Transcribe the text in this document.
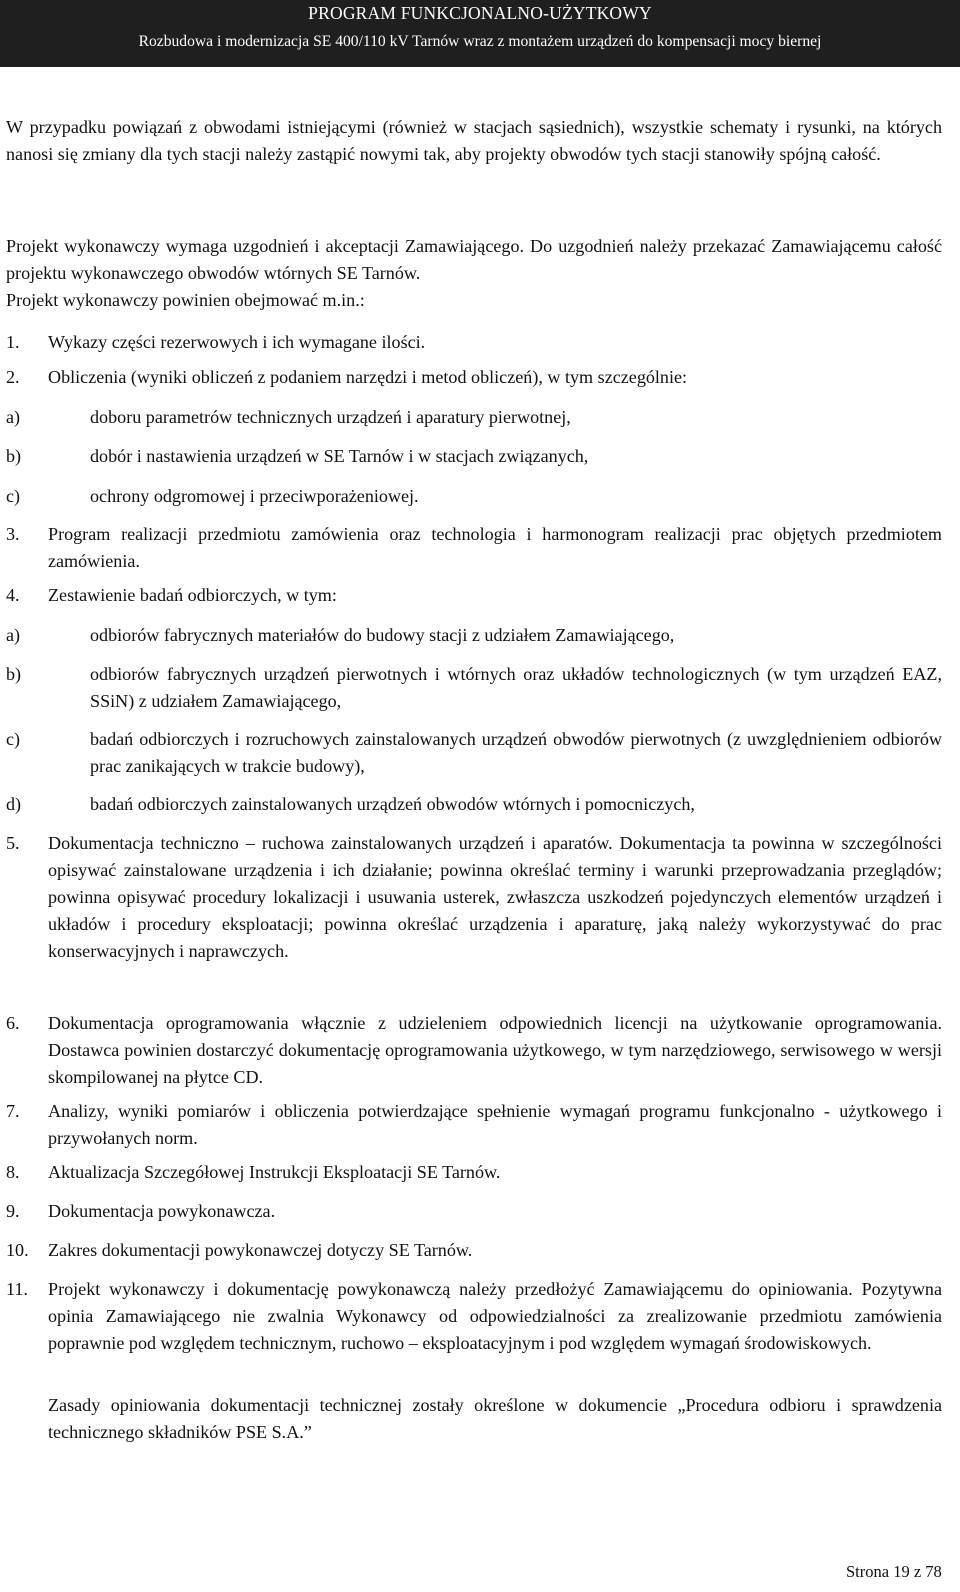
PROGRAM FUNKCJONALNO-UŻYTKOWY
Rozbudowa i modernizacja SE 400/110 kV Tarnów wraz z montażem urządzeń do kompensacji mocy biernej
W przypadku powiązań z obwodami istniejącymi (również w stacjach sąsiednich), wszystkie schematy i rysunki, na których nanosi się zmiany dla tych stacji należy zastąpić nowymi tak, aby projekty obwodów tych stacji stanowiły spójną całość.
Projekt wykonawczy wymaga uzgodnień i akceptacji Zamawiającego. Do uzgodnień należy przekazać Zamawiającemu całość projektu wykonawczego obwodów wtórnych SE Tarnów.
Projekt wykonawczy powinien obejmować m.in.:
1. Wykazy części rezerwowych i ich wymagane ilości.
2. Obliczenia (wyniki obliczeń z podaniem narzędzi i metod obliczeń), w tym szczególnie:
a)	doboru parametrów technicznych urządzeń i aparatury pierwotnej,
b)	dobór i nastawienia urządzeń w SE Tarnów i w stacjach związanych,
c)	ochrony odgromowej i przeciwporażeniowej.
3. Program realizacji przedmiotu zamówienia oraz technologia i harmonogram realizacji prac objętych przedmiotem zamówienia.
4. Zestawienie badań odbiorczych, w tym:
a)	odbiorów fabrycznych materiałów do budowy stacji z udziałem Zamawiającego,
b)	odbiorów fabrycznych urządzeń pierwotnych i wtórnych oraz układów technologicznych (w tym urządzeń EAZ, SSiN) z udziałem Zamawiającego,
c)	badań odbiorczych i rozruchowych zainstalowanych urządzeń obwodów pierwotnych (z uwzględnieniem odbiorów prac zanikających w trakcie budowy),
d)	badań odbiorczych zainstalowanych urządzeń obwodów wtórnych i pomocniczych,
5. Dokumentacja techniczno – ruchowa zainstalowanych urządzeń i aparatów. Dokumentacja ta powinna w szczególności opisywać zainstalowane urządzenia i ich działanie; powinna określać terminy i warunki przeprowadzania przeglądów; powinna opisywać procedury lokalizacji i usuwania usterek, zwłaszcza uszkodzeń pojedynczych elementów urządzeń i układów i procedury eksploatacji; powinna określać urządzenia i aparaturę, jaką należy wykorzystywać do prac konserwacyjnych i naprawczych.
6. Dokumentacja oprogramowania włącznie z udzieleniem odpowiednich licencji na użytkowanie oprogramowania. Dostawca powinien dostarczyć dokumentację oprogramowania użytkowego, w tym narzędziowego, serwisowego w wersji skompilowanej na płytce CD.
7. Analizy, wyniki pomiarów i obliczenia potwierdzające spełnienie wymagań programu funkcjonalno - użytkowego i przywołanych norm.
8. Aktualizacja Szczegółowej Instrukcji Eksploatacji SE Tarnów.
9. Dokumentacja powykonawcza.
10. Zakres dokumentacji powykonawczej dotyczy SE Tarnów.
11. Projekt wykonawczy i dokumentację powykonawczą należy przedłożyć Zamawiającemu do opiniowania. Pozytywna opinia Zamawiającego nie zwalnia Wykonawcy od odpowiedzialności za zrealizowanie przedmiotu zamówienia poprawnie pod względem technicznym, ruchowo – eksploatacyjnym i pod względem wymagań środowiskowych.
Zasady opiniowania dokumentacji technicznej zostały określone w dokumencie „Procedura odbioru i sprawdzenia technicznego składników PSE S.A.”
Strona 19 z 78
